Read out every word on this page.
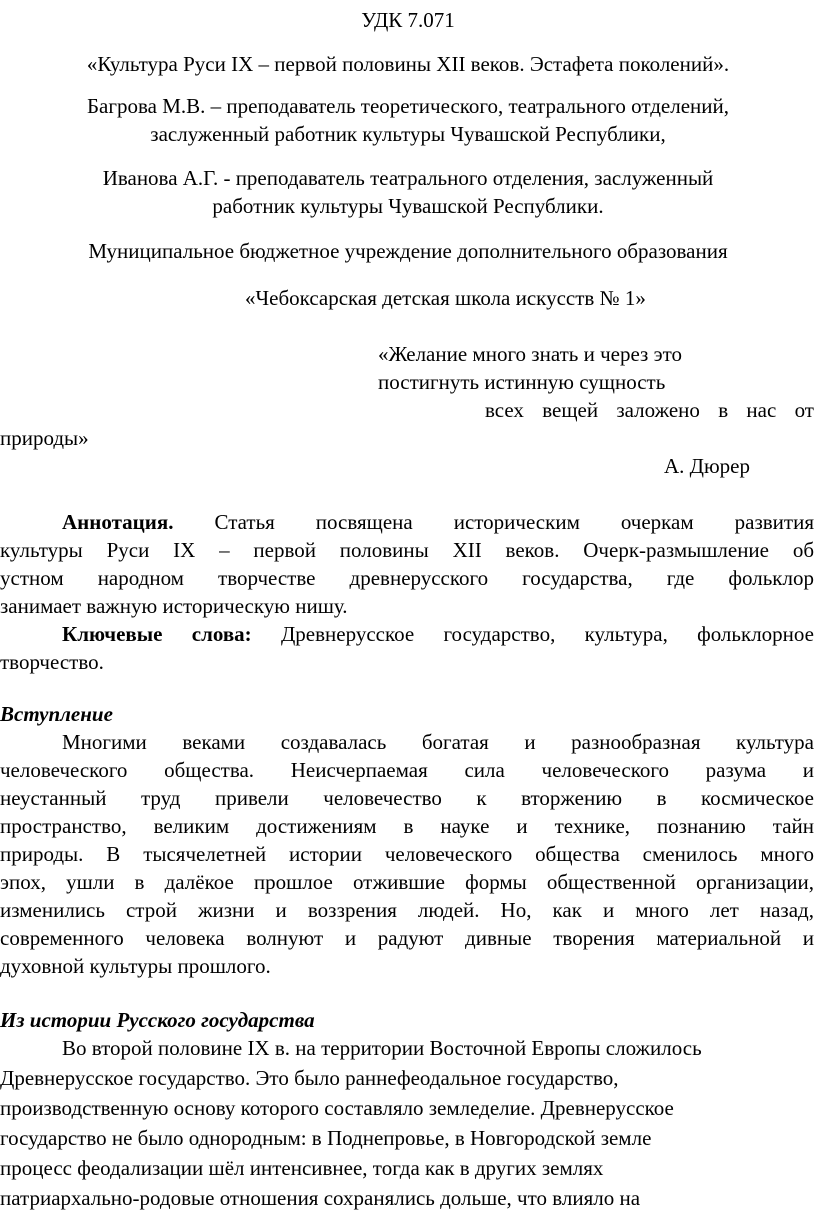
УДК 7.071
«Культура Руси IX – первой половины XII веков. Эстафета поколений».
Багрова М.В. – преподаватель теоретического, театрального отделений,
заслуженный работник культуры Чувашской Республики,
Иванова А.Г. - преподаватель театрального отделения, заслуженный
работник культуры Чувашской Республики.
Муниципальное бюджетное учреждение дополнительного образования
«Чебоксарская детская школа искусств № 1»
«Желание много знать и через это
постигнуть истинную сущность
всех вещей заложено в нас от
природы»
А. Дюрер
Аннотация. Статья посвящена историческим очеркам развития
культуры Руси IX – первой половины XII веков. Очерк-размышление об
устном народном творчестве древнерусского государства, где фольклор
занимает важную историческую нишу.
Ключевые слова: Древнерусское государство, культура, фольклорное
творчество.
Вступление
Многими веками создавалась богатая и разнообразная культура
человеческого общества. Неисчерпаемая сила человеческого разума и
неустанный труд привели человечество к вторжению в космическое
пространство, великим достижениям в науке и технике, познанию тайн
природы. В тысячелетней истории человеческого общества сменилось много
эпох, ушли в далёкое прошлое отжившие формы общественной организации,
изменились строй жизни и воззрения людей. Но, как и много лет назад,
современного человека волнуют и радуют дивные творения материальной и
духовной культуры прошлого.
Из истории Русского государства
Во второй половине IX в. на территории Восточной Европы сложилось
Древнерусское государство. Это было раннефеодальное государство,
производственную основу которого составляло земледелие. Древнерусское
государство не было однородным: в Поднепровье, в Новгородской земле
процесс феодализации шёл интенсивнее, тогда как в других землях
патриархально-родовые отношения сохранялись дольше, что влияло на
